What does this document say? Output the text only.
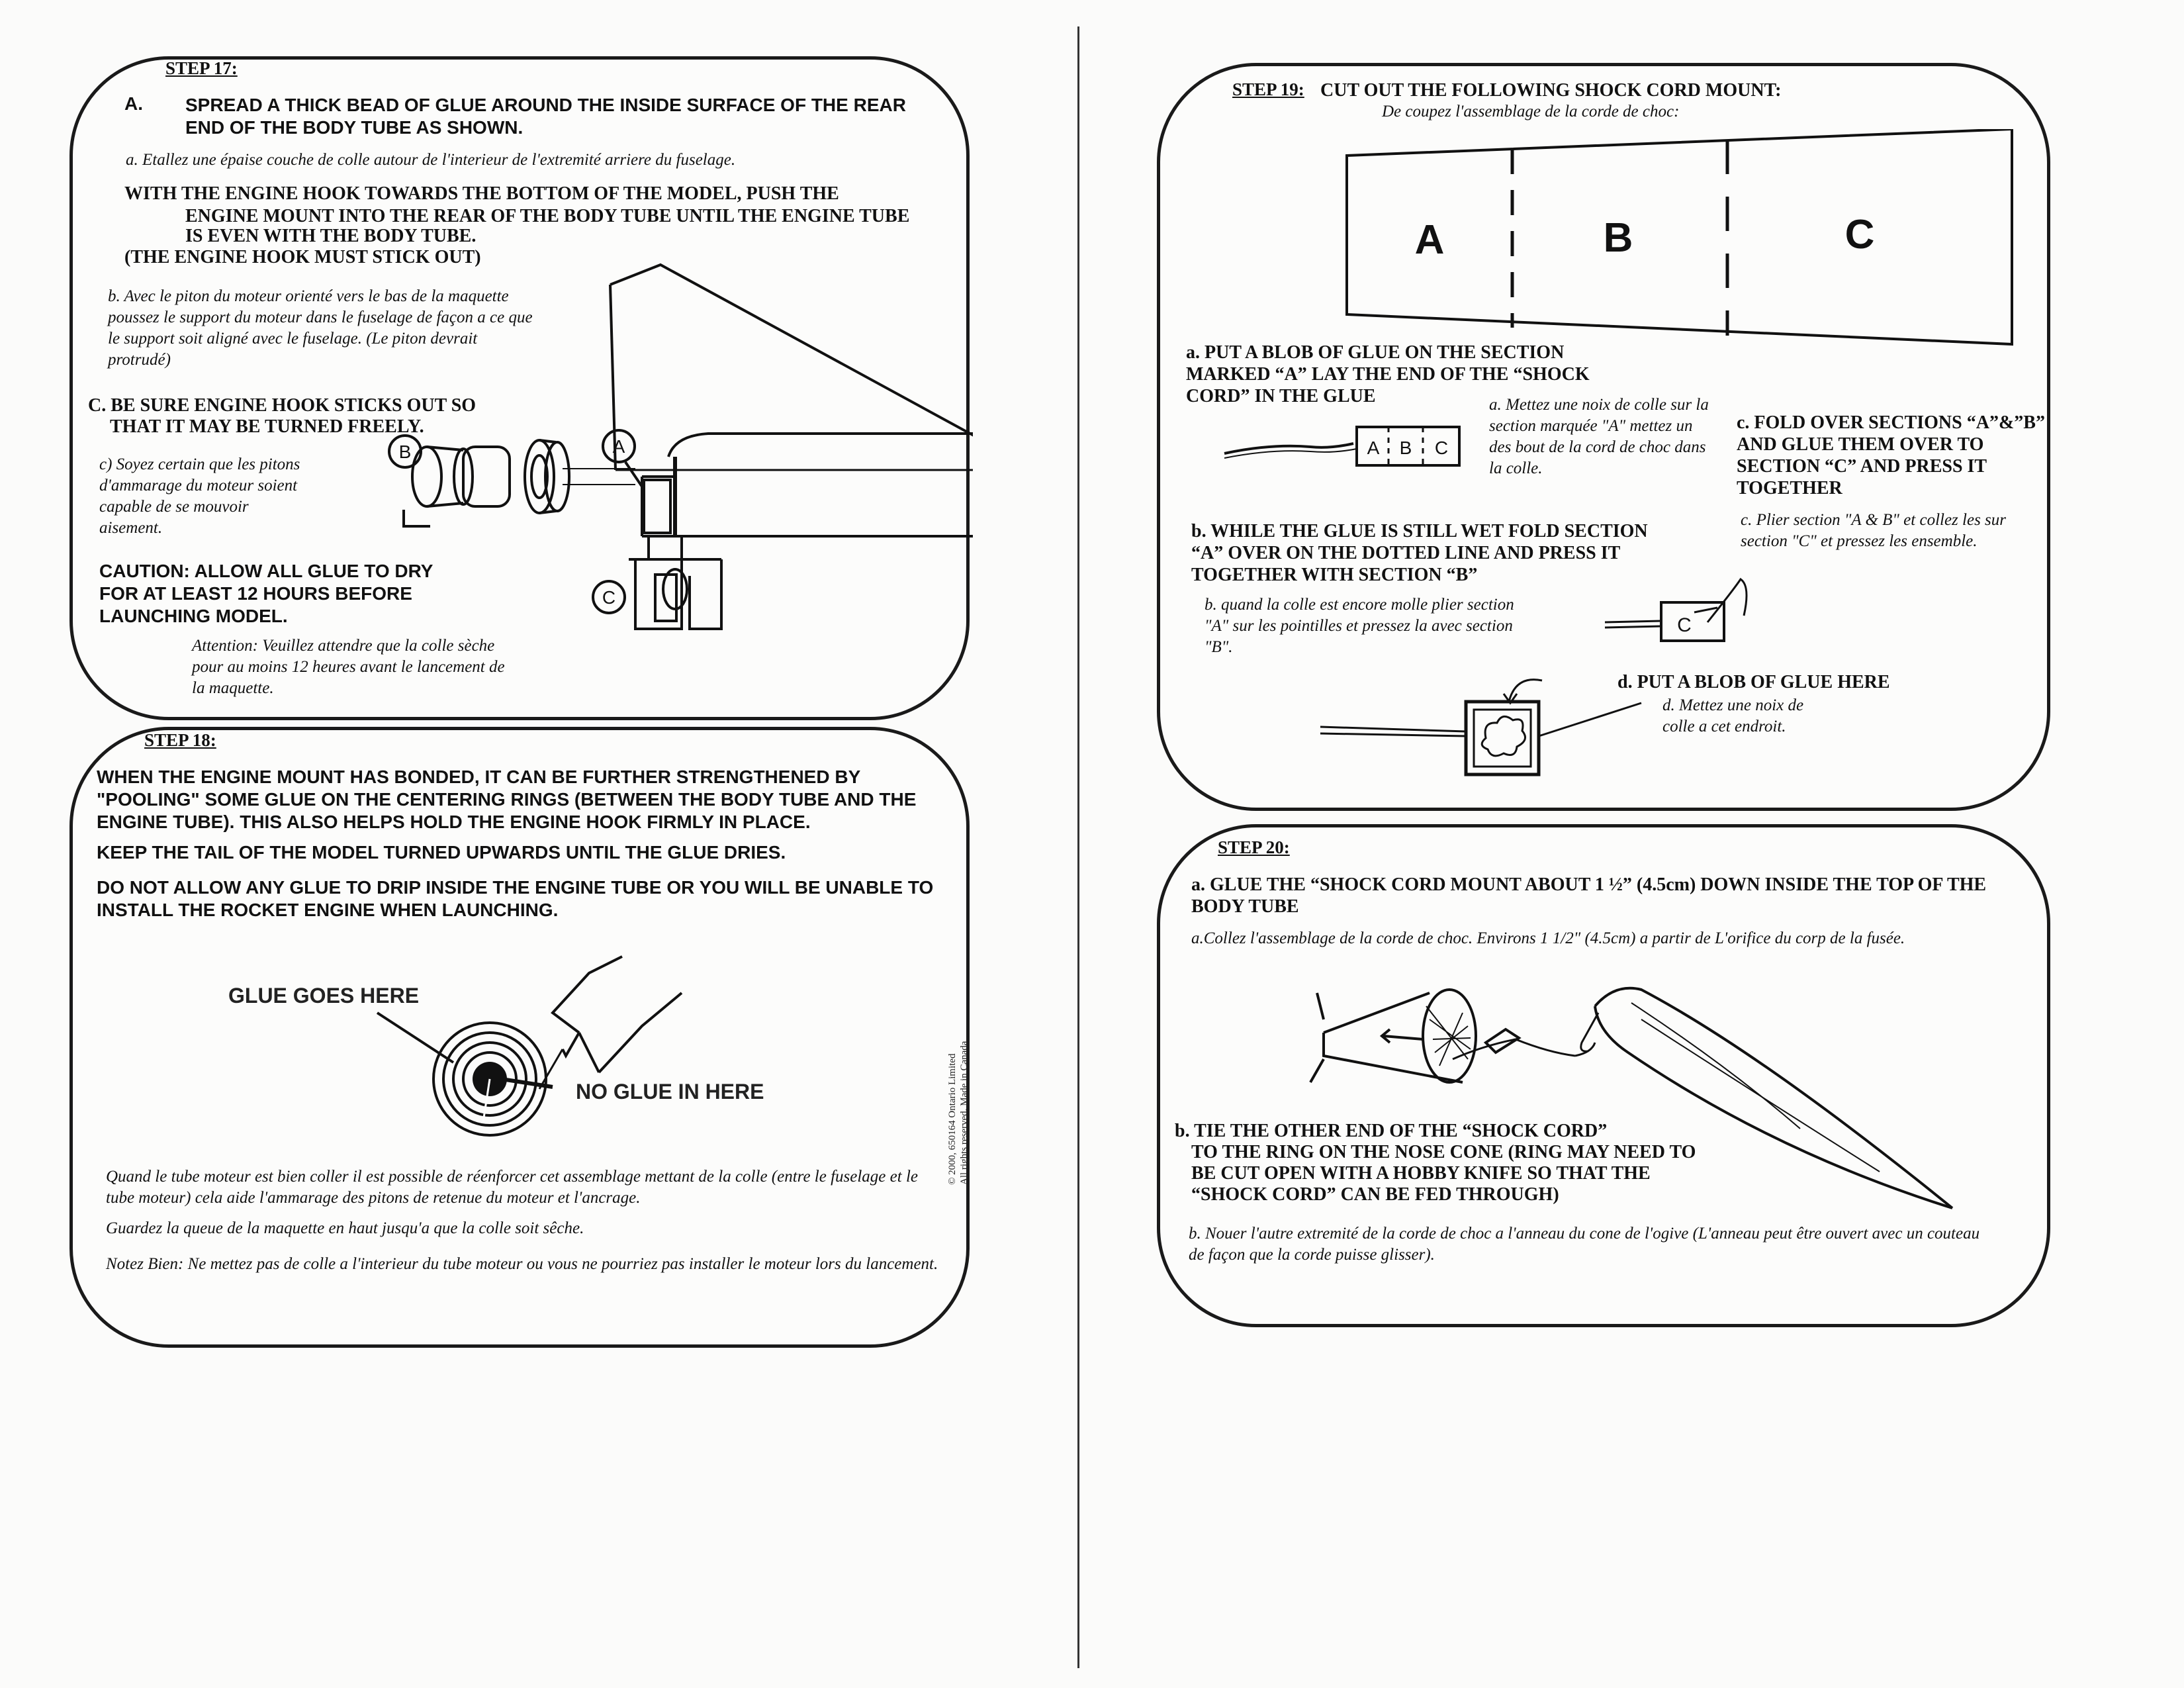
STEP 17:
A. SPREAD A THICK BEAD OF GLUE AROUND THE INSIDE SURFACE OF THE REAR END OF THE BODY TUBE AS SHOWN.
a. Etallez une épaise couche de colle autour de l'interieur de l'extremité arriere du fuselage.
WITH THE ENGINE HOOK TOWARDS THE BOTTOM OF THE MODEL, PUSH THE
ENGINE MOUNT INTO THE REAR OF THE BODY TUBE UNTIL THE ENGINE TUBE
IS EVEN WITH THE BODY TUBE.
(THE ENGINE HOOK MUST STICK OUT)
b. Avec le piton du moteur orienté vers le bas de la maquette poussez le support du moteur dans le fuselage de façon a ce que le support soit aligné avec le fuselage. (Le piton devrait protrudé)
C. BE SURE ENGINE HOOK STICKS OUT SO
THAT IT MAY BE TURNED FREELY.
c) Soyez certain que les pitons d'ammarage du moteur soient capable de se mouvoir aisement.
CAUTION: ALLOW ALL GLUE TO DRY FOR AT LEAST 12 HOURS BEFORE LAUNCHING MODEL.
Attention: Veuillez attendre que la colle sèche pour au moins 12 heures avant le lancement de la maquette.
B	A
C
STEP 18:
WHEN THE ENGINE MOUNT HAS BONDED, IT CAN BE FURTHER STRENGTHENED BY "POOLING" SOME GLUE ON THE CENTERING RINGS (BETWEEN THE BODY TUBE AND THE ENGINE TUBE). THIS ALSO HELPS HOLD THE ENGINE HOOK FIRMLY IN PLACE.
KEEP THE TAIL OF THE MODEL TURNED UPWARDS UNTIL THE GLUE DRIES.
DO NOT ALLOW ANY GLUE TO DRIP INSIDE THE ENGINE TUBE OR YOU WILL BE UNABLE TO INSTALL THE ROCKET ENGINE WHEN LAUNCHING.
GLUE GOES HERE
NO GLUE IN HERE
Quand le tube moteur est bien coller il est possible de réenforcer cet assemblage mettant de la colle (entre le fuselage et le tube moteur) cela aide l'ammarage des pitons de retenue du moteur et l'ancrage.
Guardez la queue de la maquette en haut jusqu'a que la colle soit sêche.
Notez Bien: Ne mettez pas de colle a l'interieur du tube moteur ou vous ne pourriez pas installer le moteur lors du lancement.
© 2000, 650164 Ontario Limited All rights reserved. Made in Canada
STEP 19: CUT OUT THE FOLLOWING SHOCK CORD MOUNT:
De coupez l'assemblage de la corde de choc:
A	B	C
a. PUT A BLOB OF GLUE ON THE SECTION MARKED “A” LAY THE END OF THE “SHOCK CORD” IN THE GLUE	a. Mettez une noix de colle sur la section marquée "A" mettez un des bout de la cord de choc dans la colle.
A B C
c. FOLD OVER SECTIONS “A”&”B” AND GLUE THEM OVER TO SECTION “C” AND PRESS IT TOGETHER
c. Plier section "A & B" et collez les sur section "C" et pressez les ensemble.
b. WHILE THE GLUE IS STILL WET FOLD SECTION “A” OVER ON THE DOTTED LINE AND PRESS IT TOGETHER WITH SECTION “B”
b. quand la colle est encore molle plier section "A" sur les pointilles et pressez la avec section "B".
C
d. PUT A BLOB OF GLUE HERE
d. Mettez une noix de colle a cet endroit.
STEP 20:
a. GLUE THE “SHOCK CORD MOUNT ABOUT 1 ½” (4.5cm) DOWN INSIDE THE TOP OF THE BODY TUBE
a.Collez l'assemblage de la corde de choc. Environs 1 1/2" (4.5cm) a partir de L'orifice du corp de la fusée.
b. TIE THE OTHER END OF THE “SHOCK CORD”
TO THE RING ON THE NOSE CONE (RING MAY NEED TO
BE CUT OPEN WITH A HOBBY KNIFE SO THAT THE
“SHOCK CORD” CAN BE FED THROUGH)
b. Nouer l'autre extremité de la corde de choc a l'anneau du cone de l'ogive (L'anneau peut être ouvert avec un couteau de façon que la corde puisse glisser).
